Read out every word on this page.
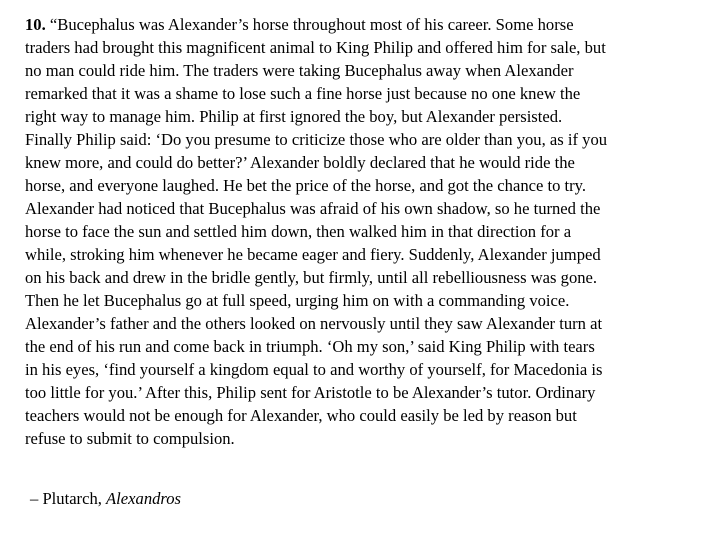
10. “Bucephalus was Alexander’s horse throughout most of his career. Some horse
traders had brought this magnificent animal to King Philip and offered him for sale, but
no man could ride him. The traders were taking Bucephalus away when Alexander
remarked that it was a shame to lose such a fine horse just because no one knew the
right way to manage him. Philip at first ignored the boy, but Alexander persisted.
Finally Philip said: ‘Do you presume to criticize those who are older than you, as if you
knew more, and could do better?’ Alexander boldly declared that he would ride the
horse, and everyone laughed. He bet the price of the horse, and got the chance to try.
Alexander had noticed that Bucephalus was afraid of his own shadow, so he turned the
horse to face the sun and settled him down, then walked him in that direction for a
while, stroking him whenever he became eager and fiery. Suddenly, Alexander jumped
on his back and drew in the bridle gently, but firmly, until all rebelliousness was gone.
Then he let Bucephalus go at full speed, urging him on with a commanding voice.
Alexander’s father and the others looked on nervously until they saw Alexander turn at
the end of his run and come back in triumph. ‘Oh my son,’ said King Philip with tears
in his eyes, ‘find yourself a kingdom equal to and worthy of yourself, for Macedonia is
too little for you.’ After this, Philip sent for Aristotle to be Alexander’s tutor. Ordinary
teachers would not be enough for Alexander, who could easily be led by reason but
refuse to submit to compulsion.
– Plutarch, Alexandros
